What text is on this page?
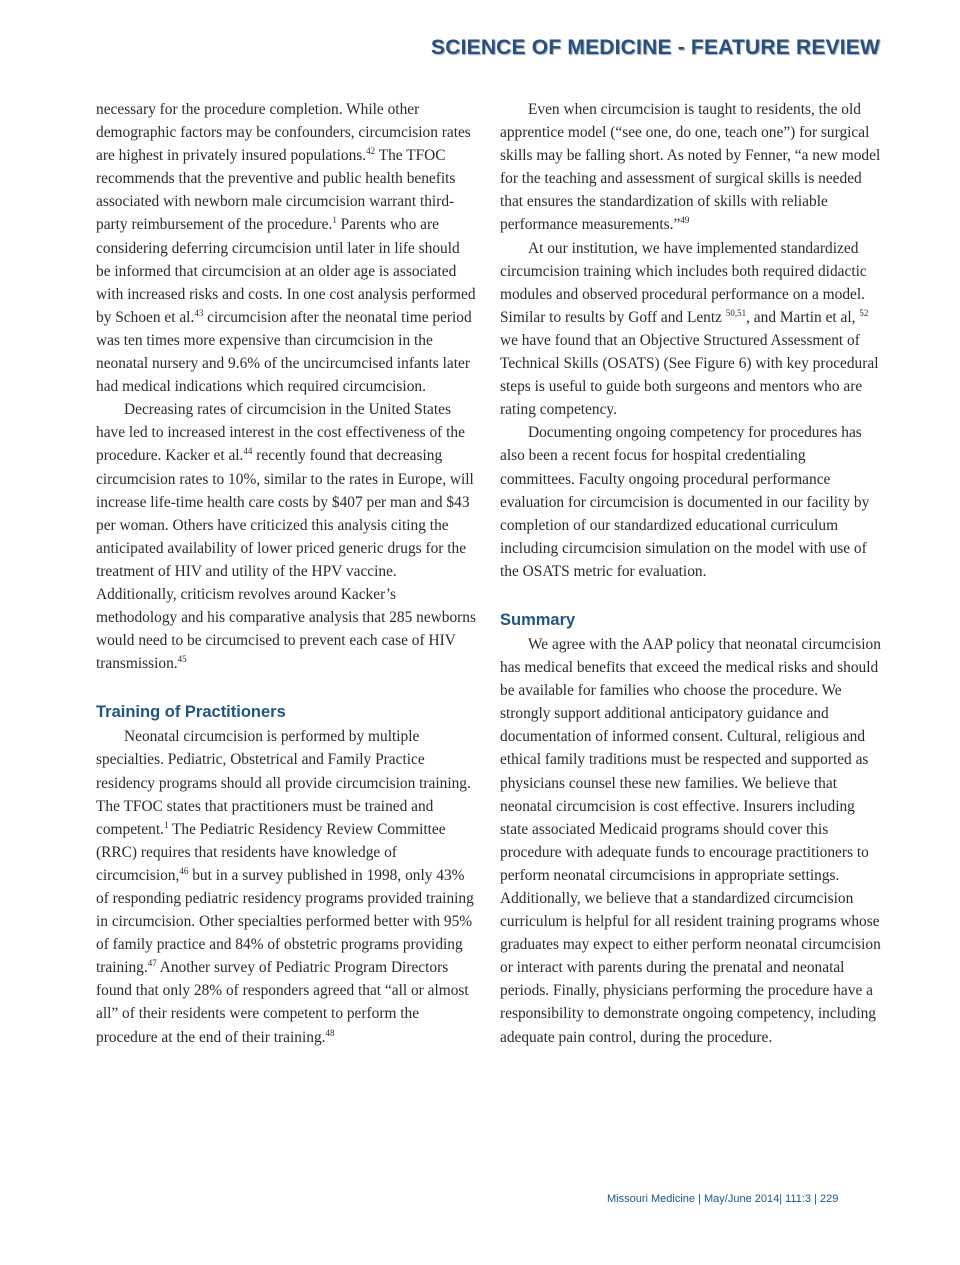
SCIENCE OF MEDICINE - FEATURE REVIEW

necessary for the procedure completion. While other demographic factors may be confounders, circumcision rates are highest in privately insured populations.$^{42}$ The TFOC recommends that the preventive and public health benefits associated with newborn male circumcision warrant third-party reimbursement of the procedure.$^1$ Parents who are considering deferring circumcision until later in life should be informed that circumcision at an older age is associated with increased risks and costs. In one cost analysis performed by Schoen et al.$^{43}$ circumcision after the neonatal time period was ten times more expensive than circumcision in the neonatal nursery and 9.6% of the uncircumcised infants later had medical indications which required circumcision.

Decreasing rates of circumcision in the United States have led to increased interest in the cost effectiveness of the procedure. Kacker et al.$^{44}$ recently found that decreasing circumcision rates to 10%, similar to the rates in Europe, will increase life-time health care costs by $407 per man and $43 per woman. Others have criticized this analysis citing the anticipated availability of lower priced generic drugs for the treatment of HIV and utility of the HPV vaccine. Additionally, criticism revolves around Kacker’s methodology and his comparative analysis that 285 newborns would need to be circumcised to prevent each case of HIV transmission.$^{45}$

Training of Practitioners

Neonatal circumcision is performed by multiple specialties. Pediatric, Obstetrical and Family Practice residency programs should all provide circumcision training. The TFOC states that practitioners must be trained and competent.$^1$ The Pediatric Residency Review Committee (RRC) requires that residents have knowledge of circumcision,$^{46}$ but in a survey published in 1998, only 43% of responding pediatric residency programs provided training in circumcision. Other specialties performed better with 95% of family practice and 84% of obstetric programs providing training.$^{47}$ Another survey of Pediatric Program Directors found that only 28% of responders agreed that “all or almost all” of their residents were competent to perform the procedure at the end of their training.$^{48}$

Even when circumcision is taught to residents, the old apprentice model (“see one, do one, teach one”) for surgical skills may be falling short. As noted by Fenner, “a new model for the teaching and assessment of surgical skills is needed that ensures the standardization of skills with reliable performance measurements.”$^{49}$

At our institution, we have implemented standardized circumcision training which includes both required didactic modules and observed procedural performance on a model. Similar to results by Goff and Lentz $^{50,51}$, and Martin et al, $^{52}$ we have found that an Objective Structured Assessment of Technical Skills (OSATS) (See Figure 6) with key procedural steps is useful to guide both surgeons and mentors who are rating competency.

Documenting ongoing competency for procedures has also been a recent focus for hospital credentialing committees. Faculty ongoing procedural performance evaluation for circumcision is documented in our facility by completion of our standardized educational curriculum including circumcision simulation on the model with use of the OSATS metric for evaluation.

Summary

We agree with the AAP policy that neonatal circumcision has medical benefits that exceed the medical risks and should be available for families who choose the procedure. We strongly support additional anticipatory guidance and documentation of informed consent. Cultural, religious and ethical family traditions must be respected and supported as physicians counsel these new families. We believe that neonatal circumcision is cost effective. Insurers including state associated Medicaid programs should cover this procedure with adequate funds to encourage practitioners to perform neonatal circumcisions in appropriate settings. Additionally, we believe that a standardized circumcision curriculum is helpful for all resident training programs whose graduates may expect to either perform neonatal circumcision or interact with parents during the prenatal and neonatal periods. Finally, physicians performing the procedure have a responsibility to demonstrate ongoing competency, including adequate pain control, during the procedure.

Missouri Medicine | May/June 2014| 111:3 | 229
